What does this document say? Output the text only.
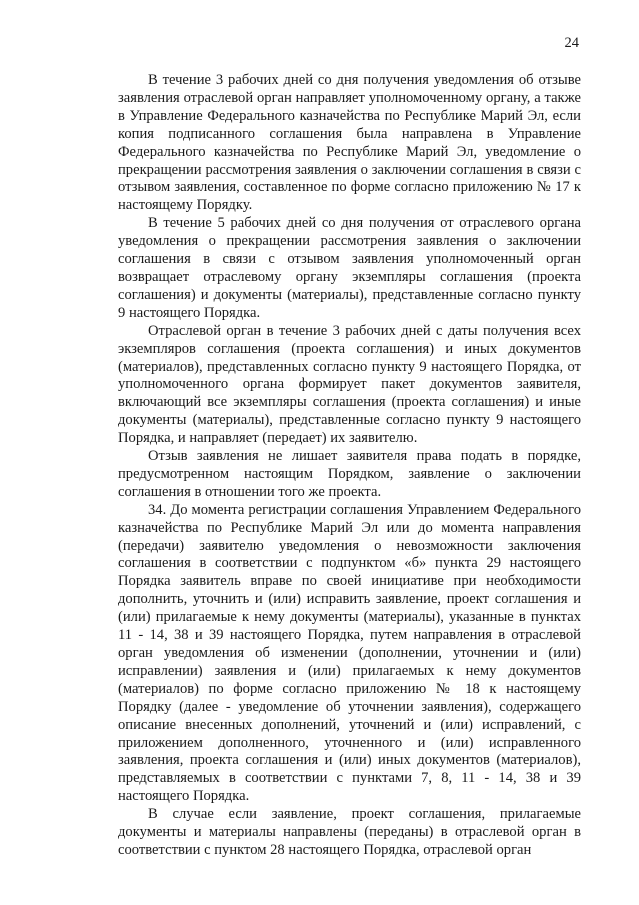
24

В течение 3 рабочих дней со дня получения уведомления об отзыве заявления отраслевой орган направляет уполномоченному органу, а также в Управление Федерального казначейства по Республике Марий Эл, если копия подписанного соглашения была направлена в Управление Федерального казначейства по Республике Марий Эл, уведомление о прекращении рассмотрения заявления о заключении соглашения в связи с отзывом заявления, составленное по форме согласно приложению № 17 к настоящему Порядку.

В течение 5 рабочих дней со дня получения от отраслевого органа уведомления о прекращении рассмотрения заявления о заключении соглашения в связи с отзывом заявления уполномоченный орган возвращает отраслевому органу экземпляры соглашения (проекта соглашения) и документы (материалы), представленные согласно пункту 9 настоящего Порядка.

Отраслевой орган в течение 3 рабочих дней с даты получения всех экземпляров соглашения (проекта соглашения) и иных документов (материалов), представленных согласно пункту 9 настоящего Порядка, от уполномоченного органа формирует пакет документов заявителя, включающий все экземпляры соглашения (проекта соглашения) и иные документы (материалы), представленные согласно пункту 9 настоящего Порядка, и направляет (передает) их заявителю.

Отзыв заявления не лишает заявителя права подать в порядке, предусмотренном настоящим Порядком, заявление о заключении соглашения в отношении того же проекта.

34. До момента регистрации соглашения Управлением Федерального казначейства по Республике Марий Эл или до момента направления (передачи) заявителю уведомления о невозможности заключения соглашения в соответствии с подпунктом «б» пункта 29 настоящего Порядка заявитель вправе по своей инициативе при необходимости дополнить, уточнить и (или) исправить заявление, проект соглашения и (или) прилагаемые к нему документы (материалы), указанные в пунктах 11 - 14, 38 и 39 настоящего Порядка, путем направления в отраслевой орган уведомления об изменении (дополнении, уточнении и (или) исправлении) заявления и (или) прилагаемых к нему документов (материалов) по форме согласно приложению № 18 к настоящему Порядку (далее - уведомление об уточнении заявления), содержащего описание внесенных дополнений, уточнений и (или) исправлений, с приложением дополненного, уточненного и (или) исправленного заявления, проекта соглашения и (или) иных документов (материалов), представляемых в соответствии с пунктами 7, 8, 11 - 14, 38 и 39 настоящего Порядка.

В случае если заявление, проект соглашения, прилагаемые документы и материалы направлены (переданы) в отраслевой орган в соответствии с пунктом 28 настоящего Порядка, отраслевой орган
